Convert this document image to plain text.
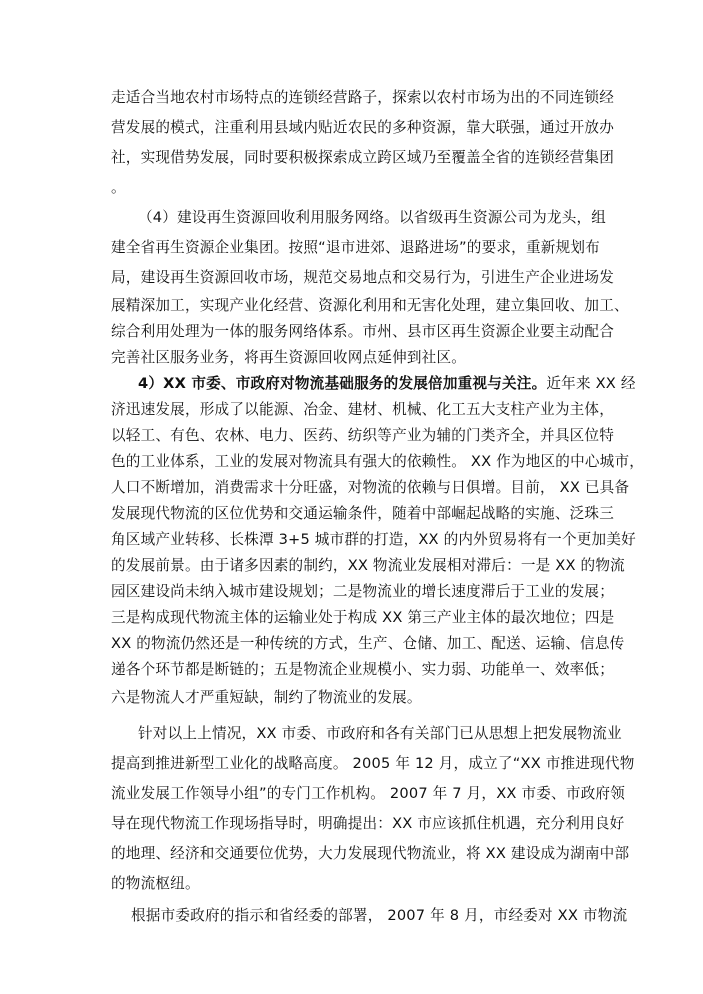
走适合当地农村市场特点的连锁经营路子，探索以农村市场为出的不同连锁经
营发展的模式，注重利用县域内贴近农民的多种资源，靠大联强，通过开放办
社，实现借势发展，同时要积极探索成立跨区域乃至覆盖全省的连锁经营集团
。
（4）建设再生资源回收利用服务网络。以省级再生资源公司为龙头，组
建全省再生资源企业集团。按照“退市进郊、退路进场”的要求，重新规划布
局，建设再生资源回收市场，规范交易地点和交易行为，引进生产企业进场发
展精深加工，实现产业化经营、资源化利用和无害化处理，建立集回收、加工、
综合利用处理为一体的服务网络体系。市州、县市区再生资源企业要主动配合
完善社区服务业务，将再生资源回收网点延伸到社区。
4）XX 市委、市政府对物流基础服务的发展倍加重视与关注。近年来 XX 经
济迅速发展，形成了以能源、冶金、建材、机械、化工五大支柱产业为主体，
以轻工、有色、农林、电力、医药、纺织等产业为辅的门类齐全，并具区位特
色的工业体系，工业的发展对物流具有强大的依赖性。 XX 作为地区的中心城市，
人口不断增加，消费需求十分旺盛，对物流的依赖与日俱增。目前， XX 已具备
发展现代物流的区位优势和交通运输条件，随着中部崛起战略的实施、泛珠三
角区域产业转移、长株潭 3+5 城市群的打造，XX 的内外贸易将有一个更加美好
的发展前景。由于诸多因素的制约，XX 物流业发展相对滞后：一是 XX 的物流
园区建设尚未纳入城市建设规划；二是物流业的增长速度滞后于工业的发展；
三是构成现代物流主体的运输业处于构成 XX 第三产业主体的最次地位；四是
XX 的物流仍然还是一种传统的方式，生产、仓储、加工、配送、运输、信息传
递各个环节都是断链的；五是物流企业规模小、实力弱、功能单一、效率低；
六是物流人才严重短缺，制约了物流业的发展。
针对以上上情况，XX 市委、市政府和各有关部门已从思想上把发展物流业
提高到推进新型工业化的战略高度。 2005 年 12 月，成立了“XX 市推进现代物
流业发展工作领导小组”的专门工作机构。 2007 年 7 月，XX 市委、市政府领
导在现代物流工作现场指导时，明确提出：XX 市应该抓住机遇，充分利用良好
的地理、经济和交通要位优势，大力发展现代物流业，将 XX 建设成为湖南中部
的物流枢纽。
根据市委政府的指示和省经委的部署， 2007 年 8 月，市经委对 XX 市物流
